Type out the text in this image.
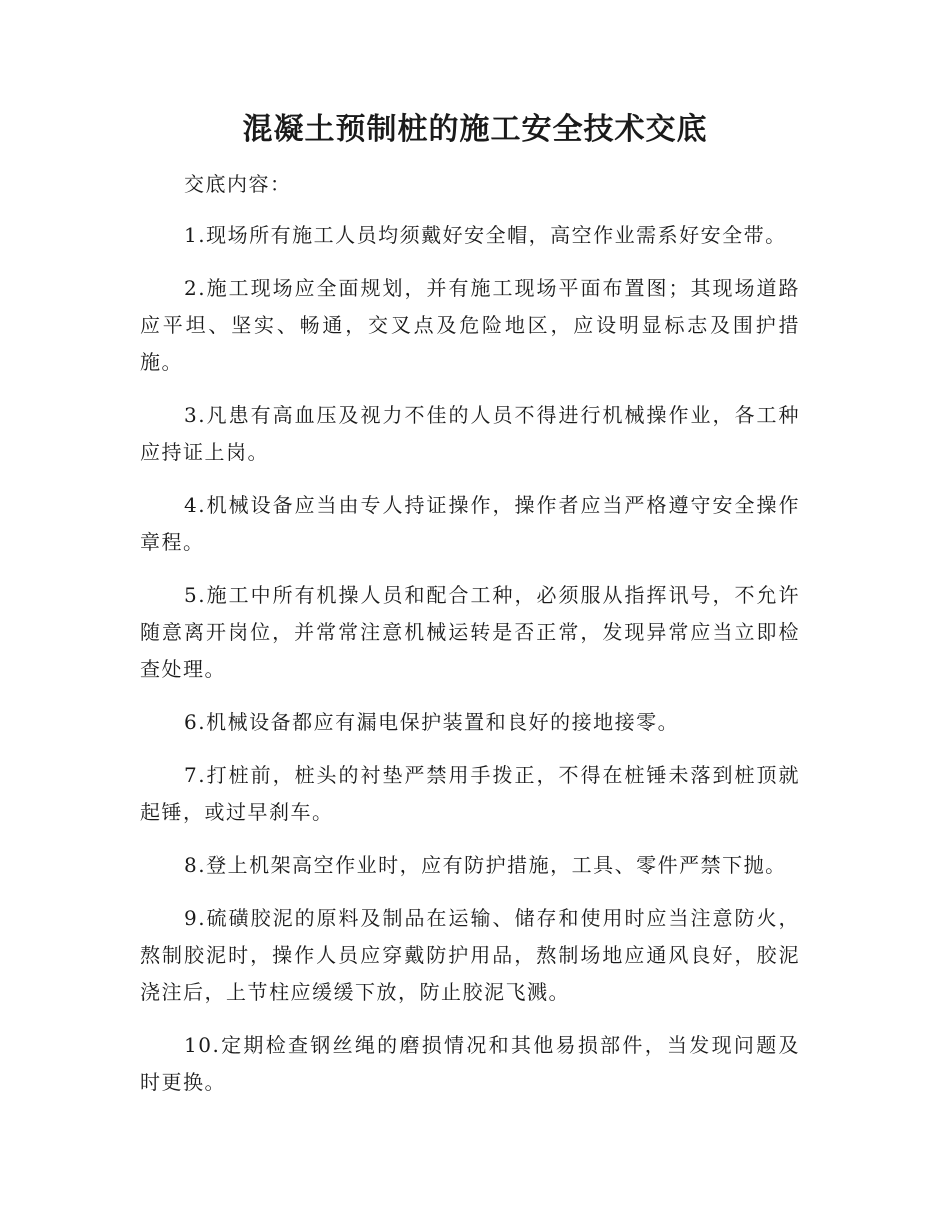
混凝土预制桩的施工安全技术交底

交底内容：

1.现场所有施工人员均须戴好安全帽，高空作业需系好安全带。

2.施工现场应全面规划，并有施工现场平面布置图；其现场道路应平坦、坚实、畅通，交叉点及危险地区，应设明显标志及围护措施。

3.凡患有高血压及视力不佳的人员不得进行机械操作业，各工种应持证上岗。

4.机械设备应当由专人持证操作，操作者应当严格遵守安全操作章程。

5.施工中所有机操人员和配合工种，必须服从指挥讯号，不允许随意离开岗位，并常常注意机械运转是否正常，发现异常应当立即检查处理。

6.机械设备都应有漏电保护装置和良好的接地接零。

7.打桩前，桩头的衬垫严禁用手拨正，不得在桩锤未落到桩顶就起锤，或过早刹车。

8.登上机架高空作业时，应有防护措施，工具、零件严禁下抛。

9.硫磺胶泥的原料及制品在运输、储存和使用时应当注意防火，熬制胶泥时，操作人员应穿戴防护用品，熬制场地应通风良好，胶泥浇注后，上节柱应缓缓下放，防止胶泥飞溅。

10.定期检查钢丝绳的磨损情况和其他易损部件，当发现问题及时更换。
